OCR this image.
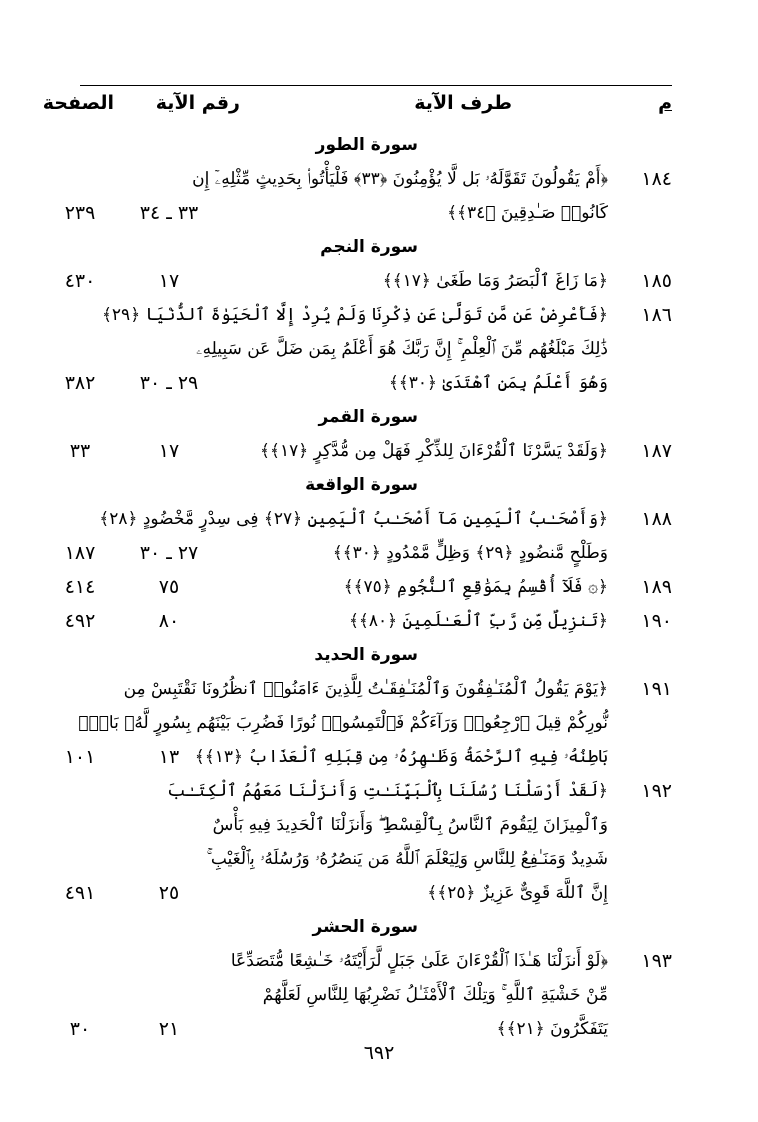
م
طرف الآية
رقم الآية
الصفحة
سورة الطور
١٨٤
﴿أَمْ يَقُولُونَ تَقَوَّلَهُۥ بَل لَّا يُؤْمِنُونَ ﴿٣٣﴾ فَلْيَأْتُوا۟ بِحَدِيثٍ مِّثْلِهِۦٓ إِن
كَانُوا۟ صَـٰدِقِينَ ﴿٣٤﴾﴾
٣٣ ـ ٣٤
٢٣٩
سورة النجم
١٨٥
﴿مَا زَاغَ ٱلْبَصَرُ وَمَا طَغَىٰ ﴿١٧﴾﴾
١٧
٤٣٠
١٨٦
﴿فَأَعْرِضْ عَن مَّن تَوَلَّىٰ عَن ذِكْرِنَا وَلَمْ يُرِدْ إِلَّا ٱلْحَيَوٰةَ ٱلدُّنْيَا ﴿٢٩﴾
ذَٰلِكَ مَبْلَغُهُم مِّنَ ٱلْعِلْمِ ۚ إِنَّ رَبَّكَ هُوَ أَعْلَمُ بِمَن ضَلَّ عَن سَبِيلِهِۦ
وَهُوَ أَعْلَمُ بِمَنِ ٱهْتَدَىٰ ﴿٣٠﴾﴾
٢٩ ـ ٣٠
٣٨٢
سورة القمر
١٨٧
﴿وَلَقَدْ يَسَّرْنَا ٱلْقُرْءَانَ لِلذِّكْرِ فَهَلْ مِن مُّدَّكِرٍ ﴿١٧﴾﴾
١٧
٣٣
سورة الواقعة
١٨٨
﴿وَأَصْحَـٰبُ ٱلْيَمِينِ مَآ أَصْحَـٰبُ ٱلْيَمِينِ ﴿٢٧﴾ فِى سِدْرٍ مَّخْضُودٍ ﴿٢٨﴾
وَطَلْحٍ مَّنضُودٍ ﴿٢٩﴾ وَظِلٍّ مَّمْدُودٍ ﴿٣٠﴾﴾
٢٧ ـ ٣٠
١٨٧
١٨٩
﴿۞ فَلَآ أُقْسِمُ بِمَوَٰقِعِ ٱلنُّجُومِ ﴿٧٥﴾﴾
٧٥
٤١٤
١٩٠
﴿تَنزِيلٌ مِّن رَّبِّ ٱلْعَـٰلَمِينَ ﴿٨٠﴾﴾
٨٠
٤٩٢
سورة الحديد
١٩١
﴿يَوْمَ يَقُولُ ٱلْمُنَـٰفِقُونَ وَٱلْمُنَـٰفِقَـٰتُ لِلَّذِينَ ءَامَنُوا۟ ٱنظُرُونَا نَقْتَبِسْ مِن
نُّورِكُمْ قِيلَ ٱرْجِعُوا۟ وَرَآءَكُمْ فَٱلْتَمِسُوا۟ نُورًا فَضُرِبَ بَيْنَهُم بِسُورٍ لَّهُۥ بَابٌۢ
بَاطِنُهُۥ فِيهِ ٱلرَّحْمَةُ وَظَـٰهِرُهُۥ مِن قِبَلِهِ ٱلْعَذَابُ ﴿١٣﴾﴾
١٣
١٠١
١٩٢
﴿لَقَدْ أَرْسَلْنَا رُسُلَنَا بِٱلْبَيِّنَـٰتِ وَأَنزَلْنَا مَعَهُمُ ٱلْكِتَـٰبَ
وَٱلْمِيزَانَ لِيَقُومَ ٱلنَّاسُ بِٱلْقِسْطِ ۖ وَأَنزَلْنَا ٱلْحَدِيدَ فِيهِ بَأْسٌ
شَدِيدٌ وَمَنَـٰفِعُ لِلنَّاسِ وَلِيَعْلَمَ ٱللَّهُ مَن يَنصُرُهُۥ وَرُسُلَهُۥ بِٱلْغَيْبِ ۚ
إِنَّ ٱللَّهَ قَوِىٌّ عَزِيزٌ ﴿٢٥﴾﴾
٢٥
٤٩١
سورة الحشر
١٩٣
﴿لَوْ أَنزَلْنَا هَـٰذَا ٱلْقُرْءَانَ عَلَىٰ جَبَلٍ لَّرَأَيْتَهُۥ خَـٰشِعًا مُّتَصَدِّعًا
مِّنْ خَشْيَةِ ٱللَّهِ ۚ وَتِلْكَ ٱلْأَمْثَـٰلُ نَضْرِبُهَا لِلنَّاسِ لَعَلَّهُمْ
يَتَفَكَّرُونَ ﴿٢١﴾﴾
٢١
٣٠
٦٩٢
